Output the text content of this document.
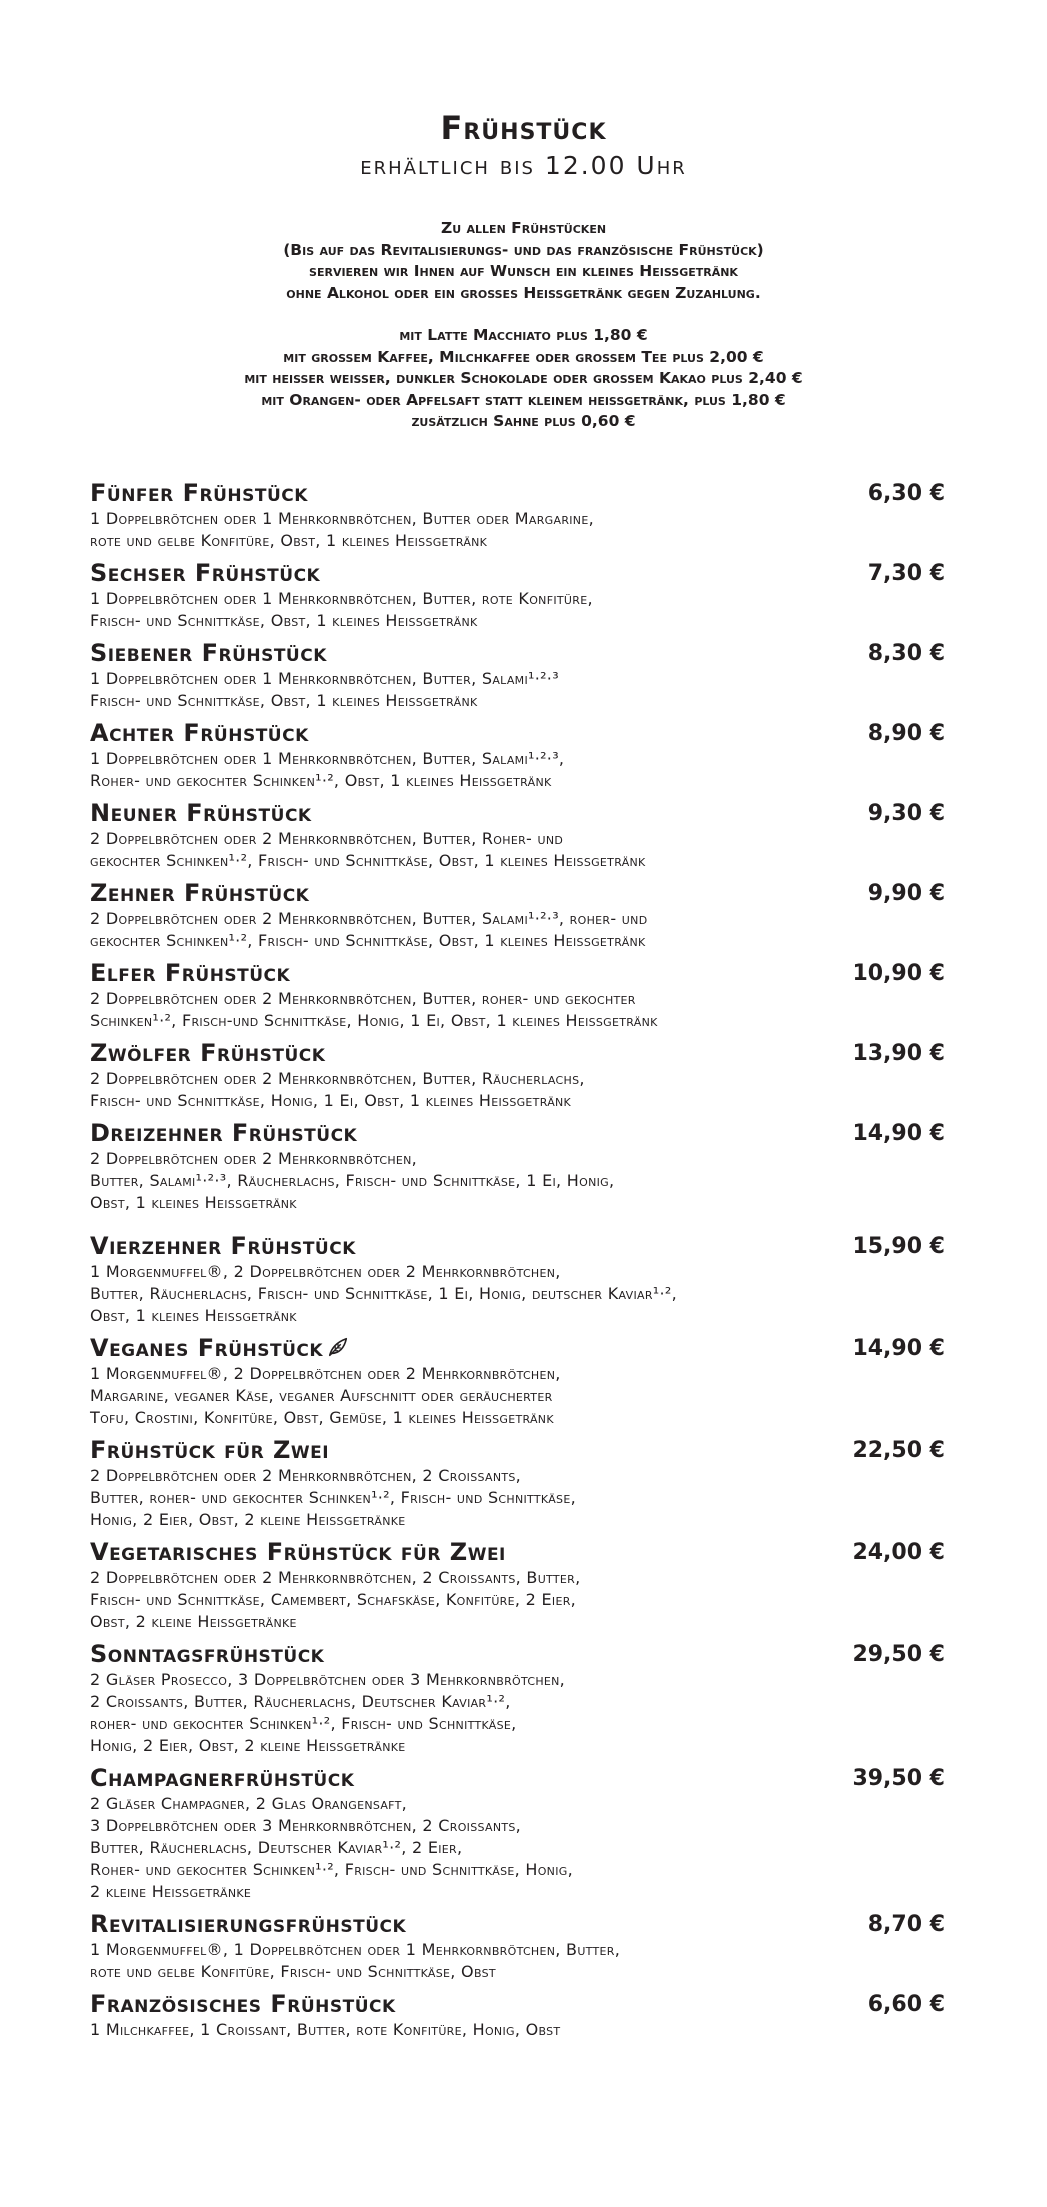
Frühstück
erhältlich bis 12.00 Uhr
Zu allen Frühstücken
(Bis auf das Revitalisierungs- und das französische Frühstück)
servieren wir Ihnen auf Wunsch ein kleines Heissgetränk
ohne Alkohol oder ein grosses Heissgetränk gegen Zuzahlung.
mit Latte Macchiato plus 1,80 €
mit grossem Kaffee, Milchkaffee oder grossem Tee plus 2,00 €
mit heisser weisser, dunkler Schokolade oder grossem Kakao plus 2,40 €
mit Orangen- oder Apfelsaft statt kleinem heissgetränk, plus 1,80 €
zusätzlich Sahne plus 0,60 €
Fünfer Frühstück	6,30 €
1 Doppelbrötchen oder 1 Mehrkornbrötchen, Butter oder Margarine,
rote und gelbe Konfitüre, Obst, 1 kleines Heissgetränk
Sechser Frühstück	7,30 €
1 Doppelbrötchen oder 1 Mehrkornbrötchen, Butter, rote Konfitüre,
Frisch- und Schnittkäse, Obst, 1 kleines Heissgetränk
Siebener Frühstück	8,30 €
1 Doppelbrötchen oder 1 Mehrkornbrötchen, Butter, Salami¹·²·³
Frisch- und Schnittkäse, Obst, 1 kleines Heissgetränk
Achter Frühstück	8,90 €
1 Doppelbrötchen oder 1 Mehrkornbrötchen, Butter, Salami¹·²·³,
Roher- und gekochter Schinken¹·², Obst, 1 kleines Heissgetränk
Neuner Frühstück	9,30 €
2 Doppelbrötchen oder 2 Mehrkornbrötchen, Butter, Roher- und
gekochter Schinken¹·², Frisch- und Schnittkäse, Obst, 1 kleines Heissgetränk
Zehner Frühstück	9,90 €
2 Doppelbrötchen oder 2 Mehrkornbrötchen, Butter, Salami¹·²·³, roher- und
gekochter Schinken¹·², Frisch- und Schnittkäse, Obst, 1 kleines Heissgetränk
Elfer Frühstück	10,90 €
2 Doppelbrötchen oder 2 Mehrkornbrötchen, Butter, roher- und gekochter
Schinken¹·², Frisch-und Schnittkäse, Honig, 1 Ei, Obst, 1 kleines Heissgetränk
Zwölfer Frühstück	13,90 €
2 Doppelbrötchen oder 2 Mehrkornbrötchen, Butter, Räucherlachs,
Frisch- und Schnittkäse, Honig, 1 Ei, Obst, 1 kleines Heissgetränk
Dreizehner Frühstück	14,90 €
2 Doppelbrötchen oder 2 Mehrkornbrötchen,
Butter, Salami¹·²·³, Räucherlachs, Frisch- und Schnittkäse, 1 Ei, Honig,
Obst, 1 kleines Heissgetränk
Vierzehner Frühstück	15,90 €
1 Morgenmuffel®, 2 Doppelbrötchen oder 2 Mehrkornbrötchen,
Butter, Räucherlachs, Frisch- und Schnittkäse, 1 Ei, Honig, deutscher Kaviar¹·²,
Obst, 1 kleines Heissgetränk
Veganes Frühstück	14,90 €
1 Morgenmuffel®, 2 Doppelbrötchen oder 2 Mehrkornbrötchen,
Margarine, veganer Käse, veganer Aufschnitt oder geräucherter
Tofu, Crostini, Konfitüre, Obst, Gemüse, 1 kleines Heissgetränk
Frühstück für Zwei	22,50 €
2 Doppelbrötchen oder 2 Mehrkornbrötchen, 2 Croissants,
Butter, roher- und gekochter Schinken¹·², Frisch- und Schnittkäse,
Honig, 2 Eier, Obst, 2 kleine Heissgetränke
Vegetarisches Frühstück für Zwei	24,00 €
2 Doppelbrötchen oder 2 Mehrkornbrötchen, 2 Croissants, Butter,
Frisch- und Schnittkäse, Camembert, Schafskäse, Konfitüre, 2 Eier,
Obst, 2 kleine Heissgetränke
Sonntagsfrühstück	29,50 €
2 Gläser Prosecco, 3 Doppelbrötchen oder 3 Mehrkornbrötchen,
2 Croissants, Butter, Räucherlachs, Deutscher Kaviar¹·²,
roher- und gekochter Schinken¹·², Frisch- und Schnittkäse,
Honig, 2 Eier, Obst, 2 kleine Heissgetränke
Champagnerfrühstück	39,50 €
2 Gläser Champagner, 2 Glas Orangensaft,
3 Doppelbrötchen oder 3 Mehrkornbrötchen, 2 Croissants,
Butter, Räucherlachs, Deutscher Kaviar¹·², 2 Eier,
Roher- und gekochter Schinken¹·², Frisch- und Schnittkäse, Honig,
2 kleine Heissgetränke
Revitalisierungsfrühstück	8,70 €
1 Morgenmuffel®, 1 Doppelbrötchen oder 1 Mehrkornbrötchen, Butter,
rote und gelbe Konfitüre, Frisch- und Schnittkäse, Obst
Französisches Frühstück	6,60 €
1 Milchkaffee, 1 Croissant, Butter, rote Konfitüre, Honig, Obst
